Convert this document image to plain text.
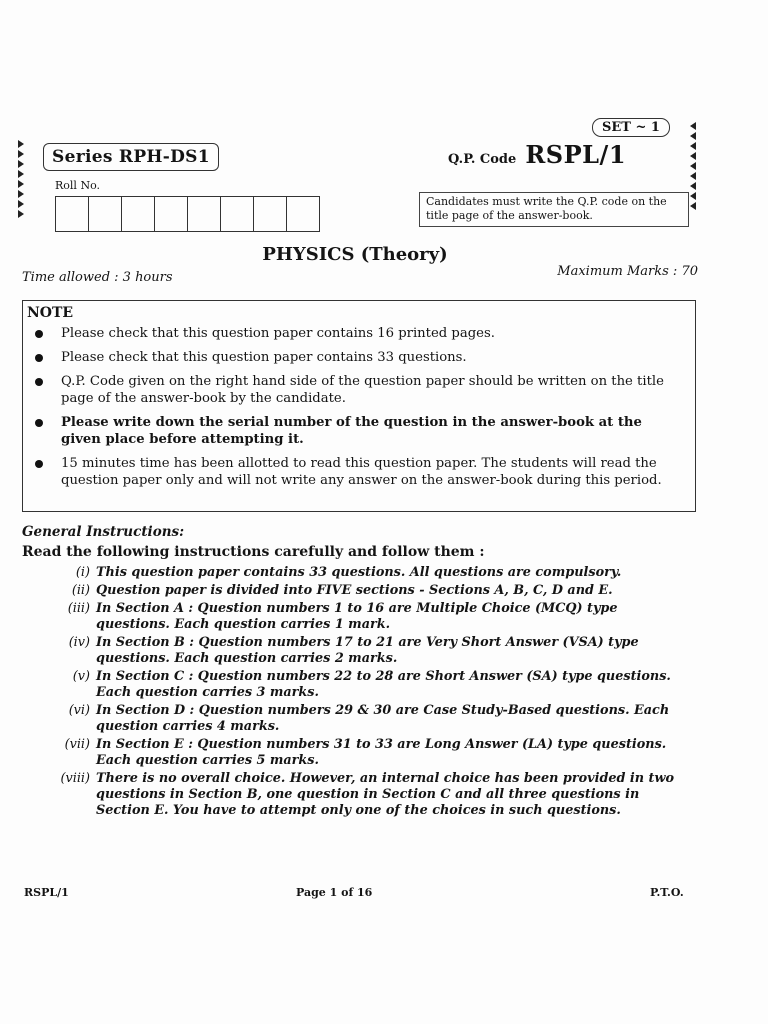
Series RPH-DS1
SET ~ 1
Q.P. Code RSPL/1
Roll No.
Candidates must write the Q.P. code on the title page of the answer-book.
PHYSICS (Theory)
Time allowed : 3 hours	Maximum Marks : 70
NOTE
Please check that this question paper contains 16 printed pages.
Please check that this question paper contains 33 questions.
Q.P. Code given on the right hand side of the question paper should be written on the title page of the answer-book by the candidate.
Please write down the serial number of the question in the answer-book at the given place before attempting it.
15 minutes time has been allotted to read this question paper. The students will read the question paper only and will not write any answer on the answer-book during this period.
General Instructions:
Read the following instructions carefully and follow them :
(i) This question paper contains 33 questions. All questions are compulsory.
(ii) Question paper is divided into FIVE sections - Sections A, B, C, D and E.
(iii) In Section A : Question numbers 1 to 16 are Multiple Choice (MCQ) type questions. Each question carries 1 mark.
(iv) In Section B : Question numbers 17 to 21 are Very Short Answer (VSA) type questions. Each question carries 2 marks.
(v) In Section C : Question numbers 22 to 28 are Short Answer (SA) type questions. Each question carries 3 marks.
(vi) In Section D : Question numbers 29 & 30 are Case Study-Based questions. Each question carries 4 marks.
(vii) In Section E : Question numbers 31 to 33 are Long Answer (LA) type questions. Each question carries 5 marks.
(viii) There is no overall choice. However, an internal choice has been provided in two questions in Section B, one question in Section C and all three questions in Section E. You have to attempt only one of the choices in such questions.
RSPL/1	Page 1 of 16	P.T.O.
